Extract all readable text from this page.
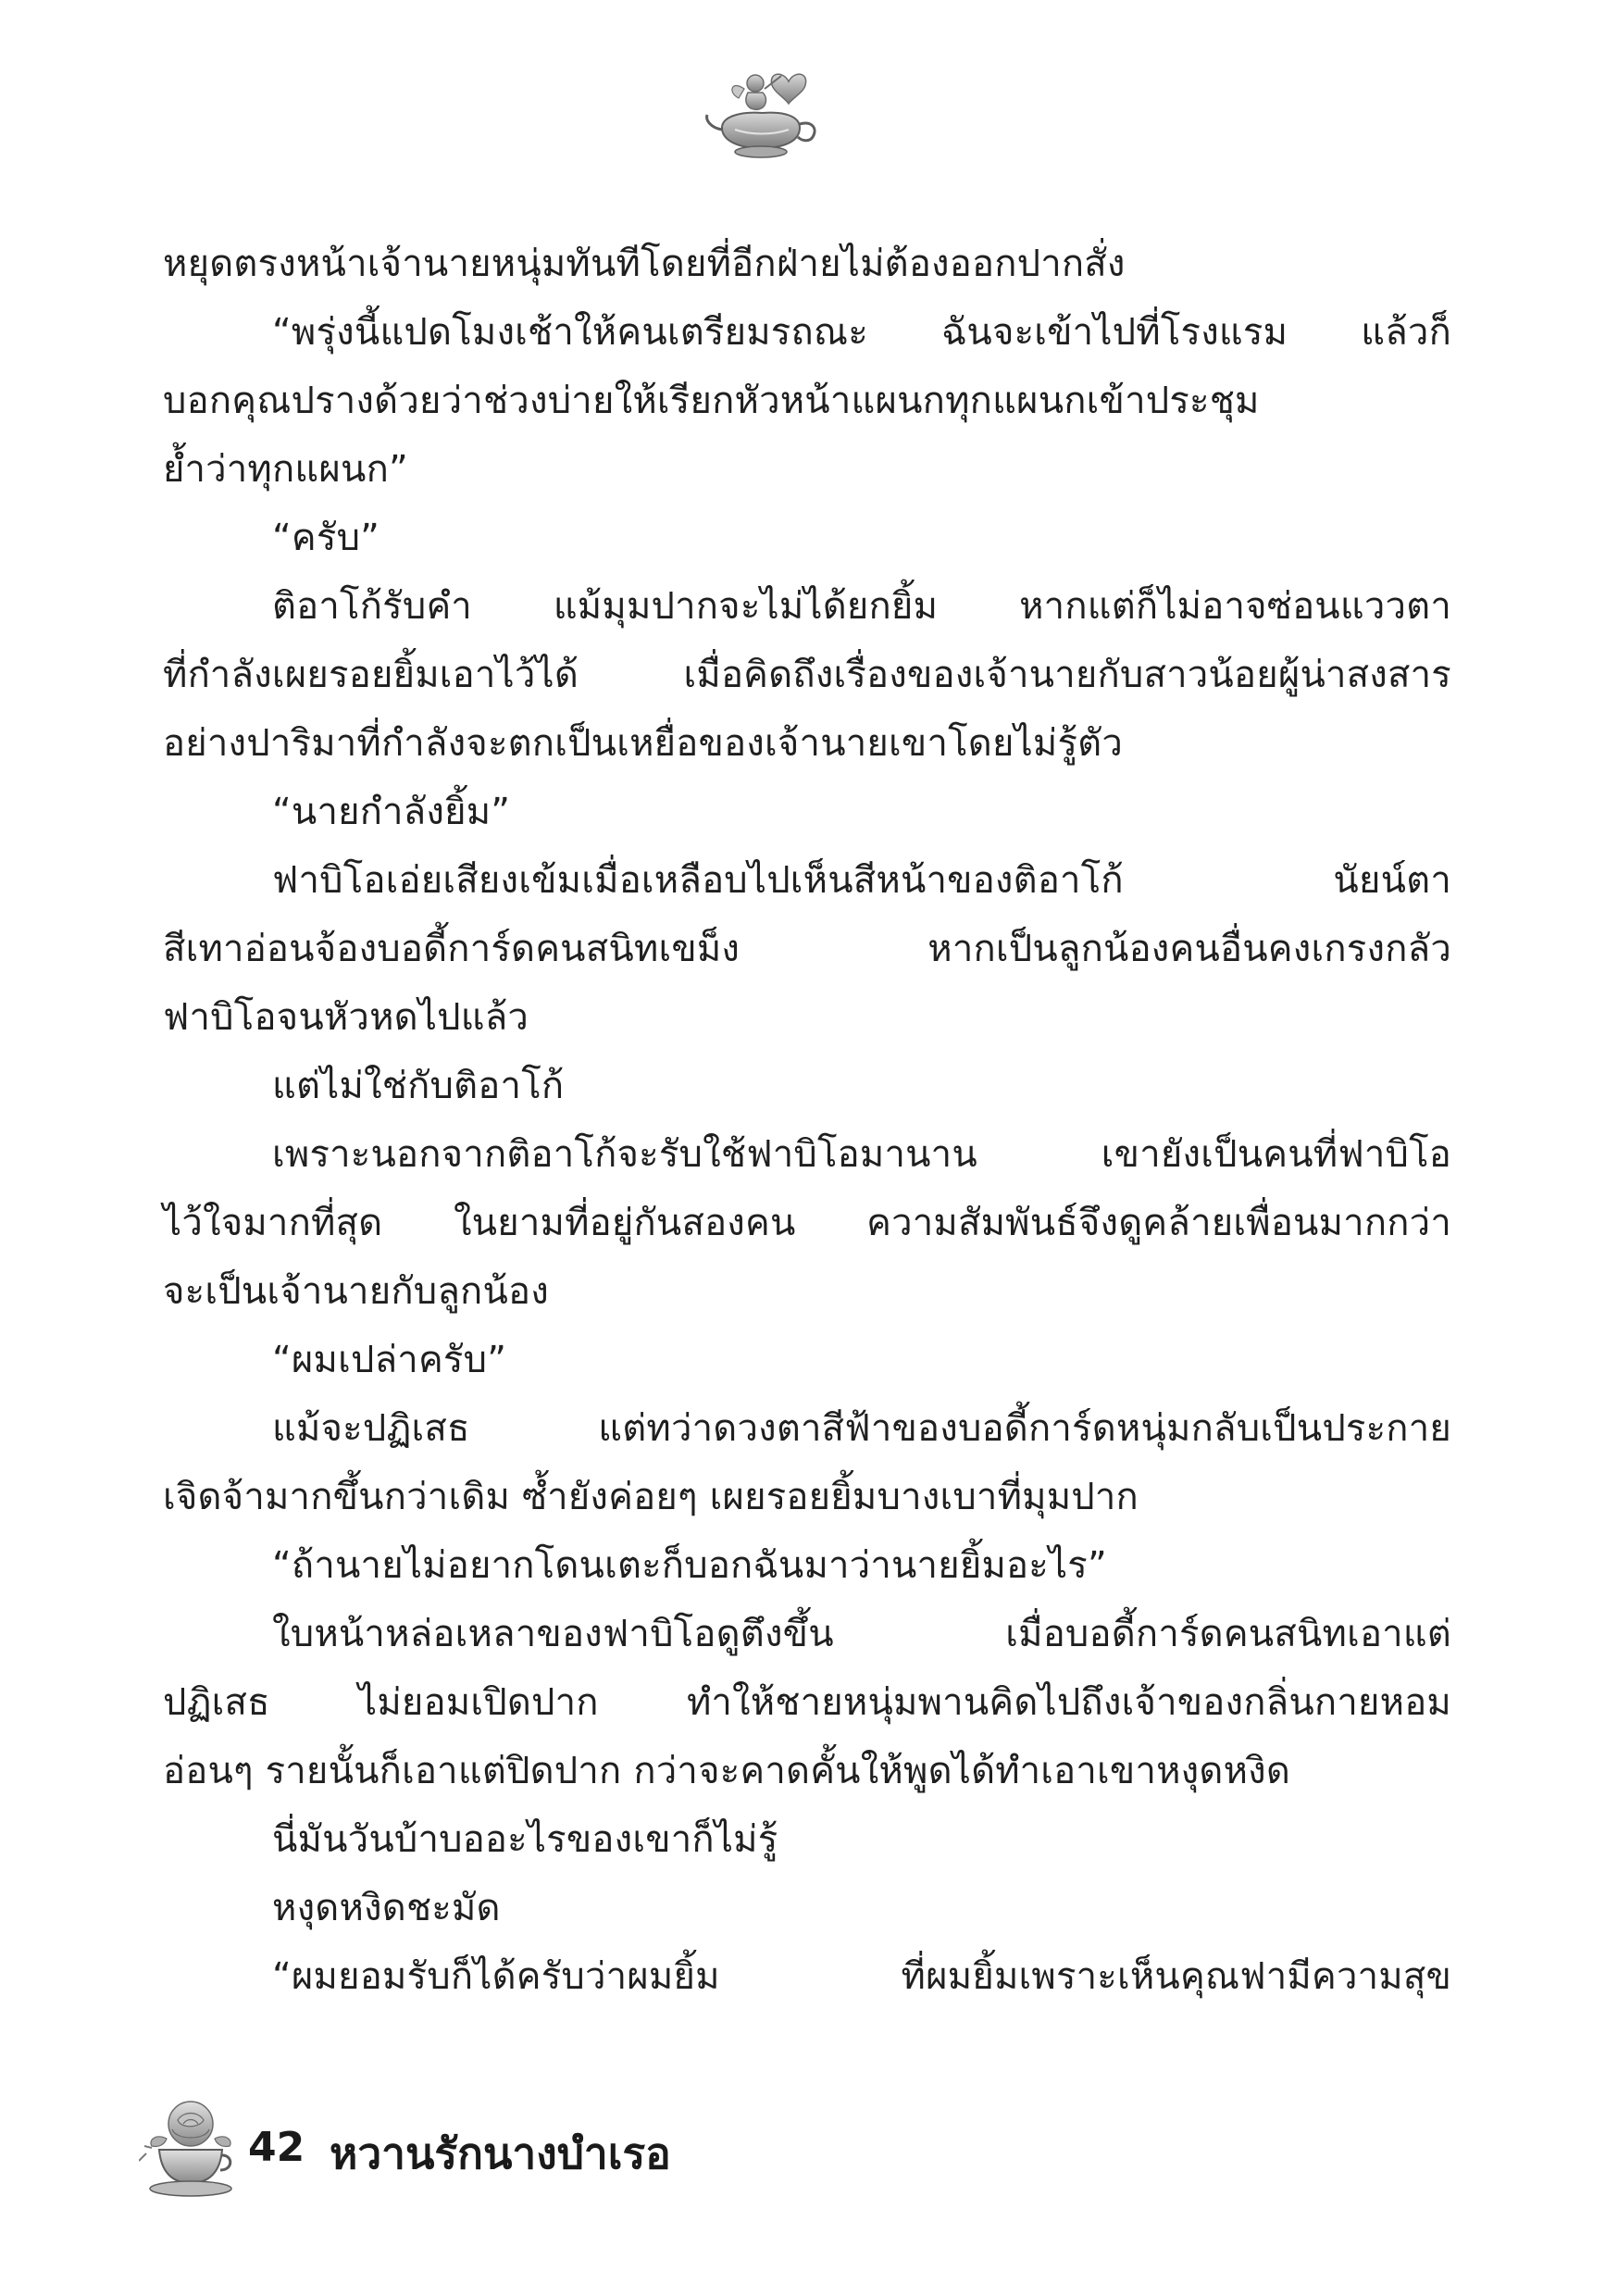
หยุดตรงหน้าเจ้านายหนุ่มทันทีโดยที่อีกฝ่ายไม่ต้องออกปากสั่ง
“พรุ่งนี้แปดโมงเช้าให้คนเตรียมรถณะ ฉันจะเข้าไปที่โรงแรม แล้วก็
บอกคุณปรางด้วยว่าช่วงบ่ายให้เรียกหัวหน้าแผนกทุกแผนกเข้าประชุม
ย้ำว่าทุกแผนก”
“ครับ”
ติอาโก้รับคำ แม้มุมปากจะไม่ได้ยกยิ้ม หากแต่ก็ไม่อาจซ่อนแววตา
ที่กำลังเผยรอยยิ้มเอาไว้ได้ เมื่อคิดถึงเรื่องของเจ้านายกับสาวน้อยผู้น่าสงสาร
อย่างปาริมาที่กำลังจะตกเป็นเหยื่อของเจ้านายเขาโดยไม่รู้ตัว
“นายกำลังยิ้ม”
ฟาบิโอเอ่ยเสียงเข้มเมื่อเหลือบไปเห็นสีหน้าของติอาโก้ นัยน์ตา
สีเทาอ่อนจ้องบอดี้การ์ดคนสนิทเขม็ง หากเป็นลูกน้องคนอื่นคงเกรงกลัว
ฟาบิโอจนหัวหดไปแล้ว
แต่ไม่ใช่กับติอาโก้
เพราะนอกจากติอาโก้จะรับใช้ฟาบิโอมานาน เขายังเป็นคนที่ฟาบิโอ
ไว้ใจมากที่สุด ในยามที่อยู่กันสองคน ความสัมพันธ์จึงดูคล้ายเพื่อนมากกว่า
จะเป็นเจ้านายกับลูกน้อง
“ผมเปล่าครับ”
แม้จะปฏิเสธ แต่ทว่าดวงตาสีฟ้าของบอดี้การ์ดหนุ่มกลับเป็นประกาย
เจิดจ้ามากขึ้นกว่าเดิม ซ้ำยังค่อยๆ เผยรอยยิ้มบางเบาที่มุมปาก
“ถ้านายไม่อยากโดนเตะก็บอกฉันมาว่านายยิ้มอะไร”
ใบหน้าหล่อเหลาของฟาบิโอดูตึงขึ้น เมื่อบอดี้การ์ดคนสนิทเอาแต่
ปฏิเสธ ไม่ยอมเปิดปาก ทำให้ชายหนุ่มพานคิดไปถึงเจ้าของกลิ่นกายหอม
อ่อนๆ รายนั้นก็เอาแต่ปิดปาก กว่าจะคาดคั้นให้พูดได้ทำเอาเขาหงุดหงิด
นี่มันวันบ้าบออะไรของเขาก็ไม่รู้
หงุดหงิดชะมัด
“ผมยอมรับก็ได้ครับว่าผมยิ้ม ที่ผมยิ้มเพราะเห็นคุณฟามีความสุข
42 หวานรักนางบำเรอ
